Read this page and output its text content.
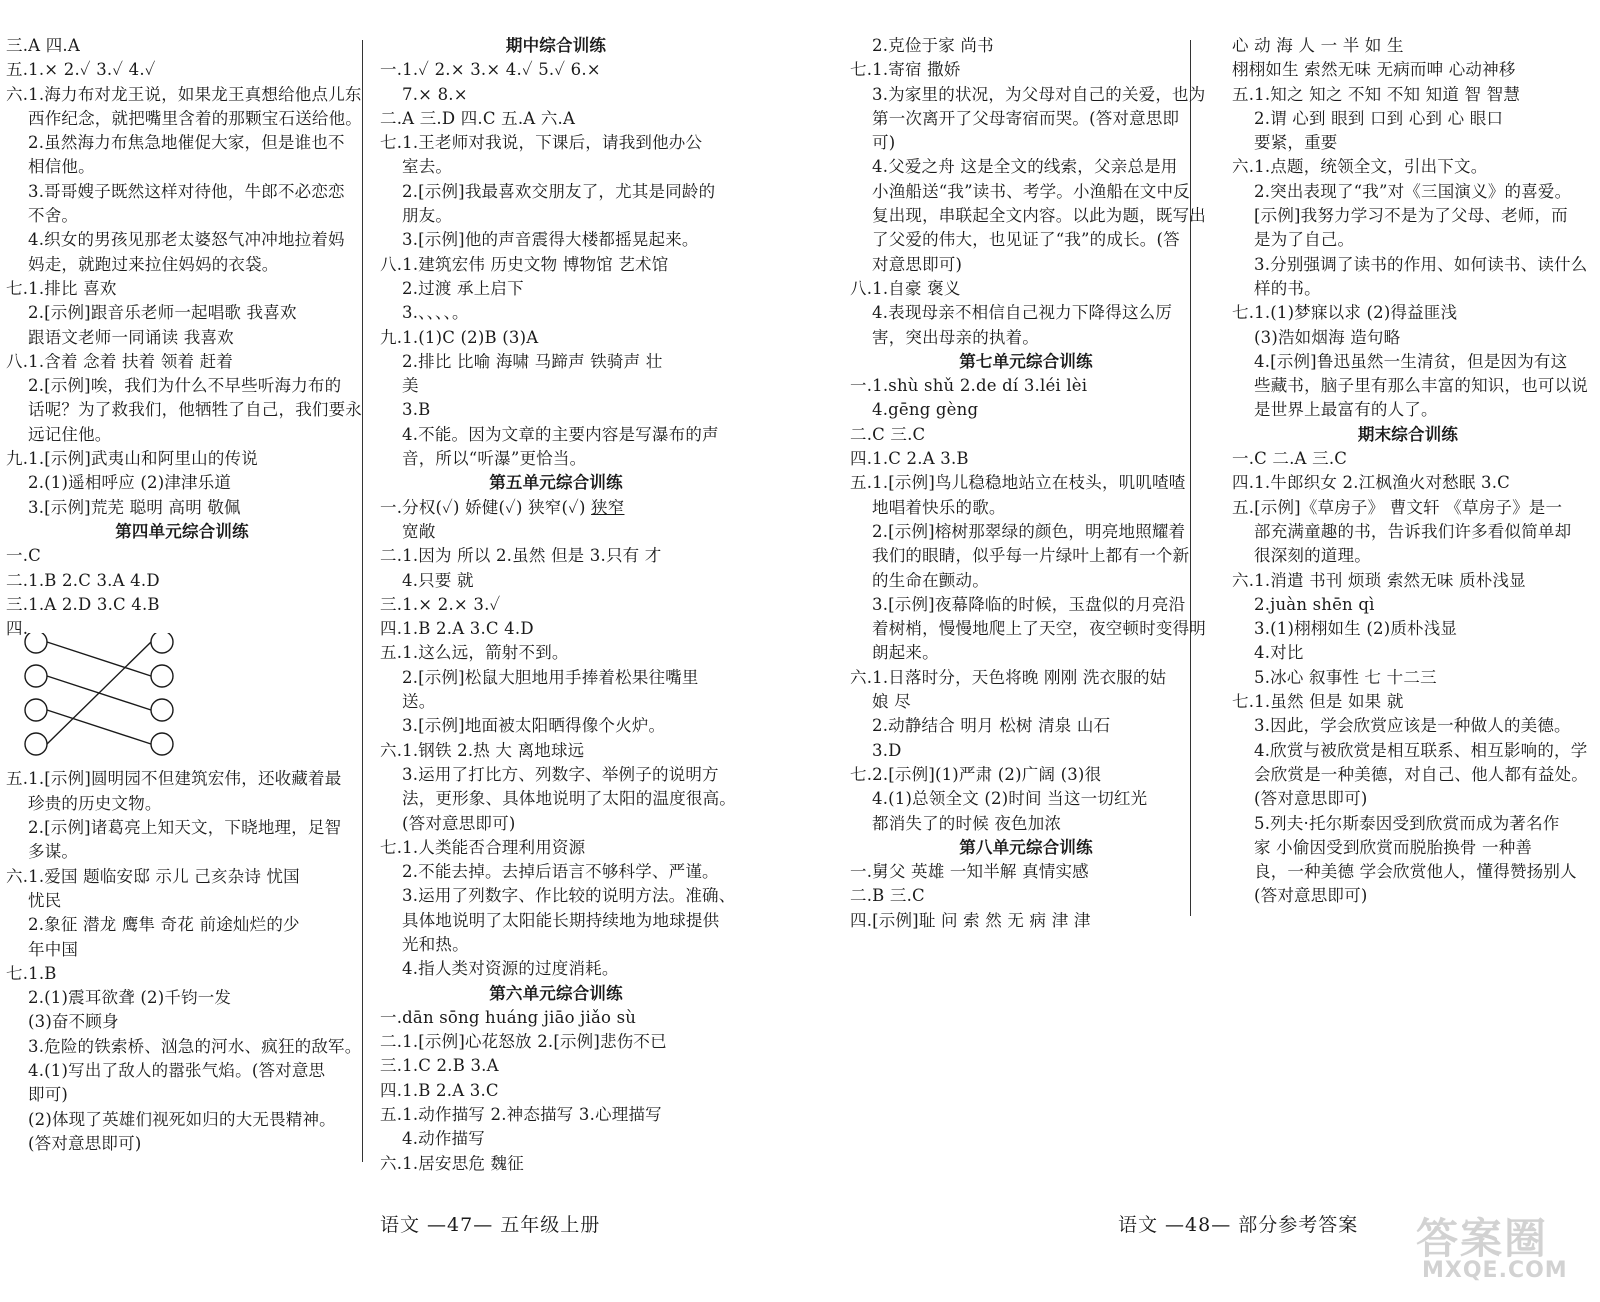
三.A 四.A
五.1.× 2.✓ 3.✓ 4.✓
六.1.海力布对龙王说，如果龙王真想给他点儿东
西作纪念，就把嘴里含着的那颗宝石送给他。
2.虽然海力布焦急地催促大家，但是谁也不
相信他。
3.哥哥嫂子既然这样对待他，牛郎不必恋恋
不舍。
4.织女的男孩见那老太婆怒气冲冲地拉着妈
妈走，就跑过来拉住妈妈的衣袋。
七.1.排比 喜欢
2.[示例]跟音乐老师一起唱歌 我喜欢
跟语文老师一同诵读 我喜欢
八.1.含着 念着 扶着 领着 赶着
2.[示例]唉，我们为什么不早些听海力布的
话呢？为了救我们，他牺牲了自己，我们要永
远记住他。
九.1.[示例]武夷山和阿里山的传说
2.(1)遥相呼应 (2)津津乐道
3.[示例]荒芜 聪明 高明 敬佩
第四单元综合训练
一.C
二.1.B 2.C 3.A 4.D
三.1.A 2.D 3.C 4.B
四.
五.1.[示例]圆明园不但建筑宏伟，还收藏着最
珍贵的历史文物。
2.[示例]诸葛亮上知天文，下晓地理，足智
多谋。
六.1.爱国 题临安邸 示儿 己亥杂诗 忧国
忧民
2.象征 潜龙 鹰隼 奇花 前途灿烂的少
年中国
七.1.B
2.(1)震耳欲聋 (2)千钧一发
(3)奋不顾身
3.危险的铁索桥、汹急的河水、疯狂的敌军。
4.(1)写出了敌人的嚣张气焰。(答对意思
即可)
(2)体现了英雄们视死如归的大无畏精神。
(答对意思即可)
期中综合训练
一.1.✓ 2.× 3.× 4.✓ 5.✓ 6.×
7.× 8.×
二.A 三.D 四.C 五.A 六.A
七.1.王老师对我说，下课后，请我到他办公
室去。
2.[示例]我最喜欢交朋友了，尤其是同龄的
朋友。
3.[示例]他的声音震得大楼都摇晃起来。
八.1.建筑宏伟 历史文物 博物馆 艺术馆
2.过渡 承上启下
3.、、、、。
九.1.(1)C (2)B (3)A
2.排比 比喻 海啸 马蹄声 铁骑声 壮
美
3.B
4.不能。因为文章的主要内容是写瀑布的声
音，所以“听瀑”更恰当。
第五单元综合训练
一.分权(✓) 娇健(✓) 狭窄(✓) 狭窄
宽敞
二.1.因为 所以 2.虽然 但是 3.只有 才
4.只要 就
三.1.× 2.× 3.✓
四.1.B 2.A 3.C 4.D
五.1.这么远，箭射不到。
2.[示例]松鼠大胆地用手捧着松果往嘴里
送。
3.[示例]地面被太阳晒得像个火炉。
六.1.钢铁 2.热 大 离地球远
3.运用了打比方、列数字、举例子的说明方
法，更形象、具体地说明了太阳的温度很高。
(答对意思即可)
七.1.人类能否合理利用资源
2.不能去掉。去掉后语言不够科学、严谨。
3.运用了列数字、作比较的说明方法。准确、
具体地说明了太阳能长期持续地为地球提供
光和热。
4.指人类对资源的过度消耗。
第六单元综合训练
一.dān sōng huáng jiāo jiǎo sù
二.1.[示例]心花怒放 2.[示例]悲伤不已
三.1.C 2.B 3.A
四.1.B 2.A 3.C
五.1.动作描写 2.神态描写 3.心理描写
4.动作描写
六.1.居安思危 魏征
2.克俭于家 尚书
七.1.寄宿 撒娇
3.为家里的状况，为父母对自己的关爱，也为
第一次离开了父母寄宿而哭。(答对意思即
可)
4.父爱之舟 这是全文的线索，父亲总是用
小渔船送“我”读书、考学。小渔船在文中反
复出现，串联起全文内容。以此为题，既写出
了父爱的伟大，也见证了“我”的成长。(答
对意思即可)
八.1.自豪 褒义
4.表现母亲不相信自己视力下降得这么厉
害，突出母亲的执着。
第七单元综合训练
一.1.shù shǔ 2.de dí 3.léi lèi
4.gēng gèng
二.C 三.C
四.1.C 2.A 3.B
五.1.[示例]鸟儿稳稳地站立在枝头，叽叽喳喳
地唱着快乐的歌。
2.[示例]榕树那翠绿的颜色，明亮地照耀着
我们的眼睛，似乎每一片绿叶上都有一个新
的生命在颤动。
3.[示例]夜幕降临的时候，玉盘似的月亮沿
着树梢，慢慢地爬上了天空，夜空顿时变得明
朗起来。
六.1.日落时分，天色将晚 刚刚 洗衣服的姑
娘 尽
2.动静结合 明月 松树 清泉 山石
3.D
七.2.[示例](1)严肃 (2)广阔 (3)很
4.(1)总领全文 (2)时间 当这一切红光
都消失了的时候 夜色加浓
第八单元综合训练
一.舅父 英雄 一知半解 真情实感
二.B 三.C
四.[示例]耻 问 索 然 无 病 津 津
心 动 海 人 一 半 如 生
栩栩如生 索然无味 无病而呻 心动神移
五.1.知之 知之 不知 不知 知道 智 智慧
2.谓 心到 眼到 口到 心到 心 眼口
要紧，重要
六.1.点题，统领全文，引出下文。
2.突出表现了“我”对《三国演义》的喜爱。
[示例]我努力学习不是为了父母、老师，而
是为了自己。
3.分别强调了读书的作用、如何读书、读什么
样的书。
七.1.(1)梦寐以求 (2)得益匪浅
(3)浩如烟海 造句略
4.[示例]鲁迅虽然一生清贫，但是因为有这
些藏书，脑子里有那么丰富的知识，也可以说
是世界上最富有的人了。
期末综合训练
一.C 二.A 三.C
四.1.牛郎织女 2.江枫渔火对愁眠 3.C
五.[示例]《草房子》 曹文轩 《草房子》是一
部充满童趣的书，告诉我们许多看似简单却
很深刻的道理。
六.1.消遣 书刊 烦琐 索然无味 质朴浅显
2.juàn shēn qì
3.(1)栩栩如生 (2)质朴浅显
4.对比
5.冰心 叙事性 七 十二三
七.1.虽然 但是 如果 就
3.因此，学会欣赏应该是一种做人的美德。
4.欣赏与被欣赏是相互联系、相互影响的，学
会欣赏是一种美德，对自己、他人都有益处。
(答对意思即可)
5.列夫·托尔斯泰因受到欣赏而成为著名作
家 小偷因受到欣赏而脱胎换骨 一种善
良，一种美德 学会欣赏他人，懂得赞扬别人
(答对意思即可)
语文 —47— 五年级上册	语文 —48— 部分参考答案 答案圈
MXQE.COM
